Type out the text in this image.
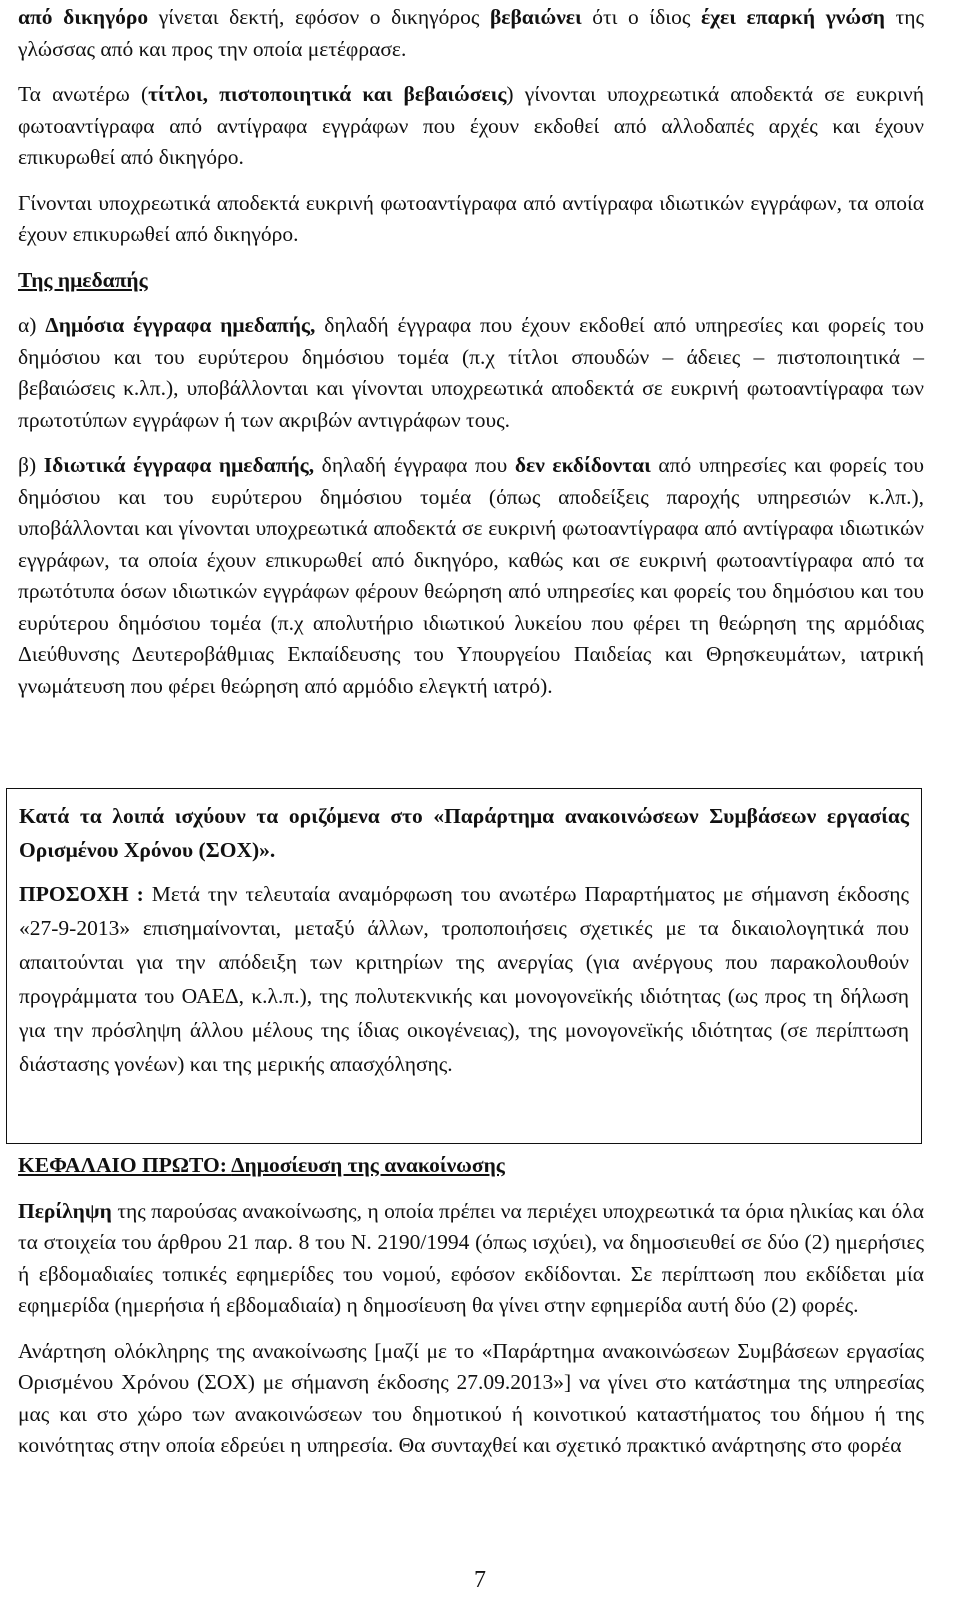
από δικηγόρο γίνεται δεκτή, εφόσον ο δικηγόρος βεβαιώνει ότι ο ίδιος έχει επαρκή γνώση της γλώσσας από και προς την οποία μετέφρασε.

Τα ανωτέρω (τίτλοι, πιστοποιητικά και βεβαιώσεις) γίνονται υποχρεωτικά αποδεκτά σε ευκρινή φωτοαντίγραφα από αντίγραφα εγγράφων που έχουν εκδοθεί από αλλοδαπές αρχές και έχουν επικυρωθεί από δικηγόρο.

Γίνονται υποχρεωτικά αποδεκτά ευκρινή φωτοαντίγραφα από αντίγραφα ιδιωτικών εγγράφων, τα οποία έχουν επικυρωθεί από δικηγόρο.

Της ημεδαπής

α) Δημόσια έγγραφα ημεδαπής, δηλαδή έγγραφα που έχουν εκδοθεί από υπηρεσίες και φορείς του δημόσιου και του ευρύτερου δημόσιου τομέα (π.χ τίτλοι σπουδών – άδειες – πιστοποιητικά – βεβαιώσεις κ.λπ.), υποβάλλονται και γίνονται υποχρεωτικά αποδεκτά σε ευκρινή φωτοαντίγραφα των πρωτοτύπων εγγράφων ή των ακριβών αντιγράφων τους.

β) Ιδιωτικά έγγραφα ημεδαπής, δηλαδή έγγραφα που δεν εκδίδονται από υπηρεσίες και φορείς του δημόσιου και του ευρύτερου δημόσιου τομέα (όπως αποδείξεις παροχής υπηρεσιών κ.λπ.), υποβάλλονται και γίνονται υποχρεωτικά αποδεκτά σε ευκρινή φωτοαντίγραφα από αντίγραφα ιδιωτικών εγγράφων, τα οποία έχουν επικυρωθεί από δικηγόρο, καθώς και σε ευκρινή φωτοαντίγραφα από τα πρωτότυπα όσων ιδιωτικών εγγράφων φέρουν θεώρηση από υπηρεσίες και φορείς του δημόσιου και του ευρύτερου δημόσιου τομέα (π.χ απολυτήριο ιδιωτικού λυκείου που φέρει τη θεώρηση της αρμόδιας Διεύθυνσης Δευτεροβάθμιας Εκπαίδευσης του Υπουργείου Παιδείας και Θρησκευμάτων, ιατρική γνωμάτευση που φέρει θεώρηση από αρμόδιο ελεγκτή ιατρό).

Κατά τα λοιπά ισχύουν τα οριζόμενα στο «Παράρτημα ανακοινώσεων Συμβάσεων εργασίας Ορισμένου Χρόνου (ΣΟΧ)».

ΠΡΟΣΟΧΗ : Μετά την τελευταία αναμόρφωση του ανωτέρω Παραρτήματος με σήμανση έκδοσης «27-9-2013» επισημαίνονται, μεταξύ άλλων, τροποποιήσεις σχετικές με τα δικαιολογητικά που απαιτούνται για την απόδειξη των κριτηρίων της ανεργίας (για ανέργους που παρακολουθούν προγράμματα του ΟΑΕΔ, κ.λ.π.), της πολυτεκνικής και μονογονεϊκής ιδιότητας (ως προς τη δήλωση για την πρόσληψη άλλου μέλους της ίδιας οικογένειας), της μονογονεϊκής ιδιότητας (σε περίπτωση διάστασης γονέων) και της μερικής απασχόλησης.

ΚΕΦΑΛΑΙΟ ΠΡΩΤΟ: Δημοσίευση της ανακοίνωσης

Περίληψη της παρούσας ανακοίνωσης, η οποία πρέπει να περιέχει υποχρεωτικά τα όρια ηλικίας και όλα τα στοιχεία του άρθρου 21 παρ. 8 του Ν. 2190/1994 (όπως ισχύει), να δημοσιευθεί σε δύο (2) ημερήσιες ή εβδομαδιαίες τοπικές εφημερίδες του νομού, εφόσον εκδίδονται. Σε περίπτωση που εκδίδεται μία εφημερίδα (ημερήσια ή εβδομαδιαία) η δημοσίευση θα γίνει στην εφημερίδα αυτή δύο (2) φορές.

Ανάρτηση ολόκληρης της ανακοίνωσης [μαζί με το «Παράρτημα ανακοινώσεων Συμβάσεων εργασίας Ορισμένου Χρόνου (ΣΟΧ) με σήμανση έκδοσης 27.09.2013»] να γίνει στο κατάστημα της υπηρεσίας μας και στο χώρο των ανακοινώσεων του δημοτικού ή κοινοτικού καταστήματος του δήμου ή της κοινότητας στην οποία εδρεύει η υπηρεσία. Θα συνταχθεί και σχετικό πρακτικό ανάρτησης στο φορέα

7
